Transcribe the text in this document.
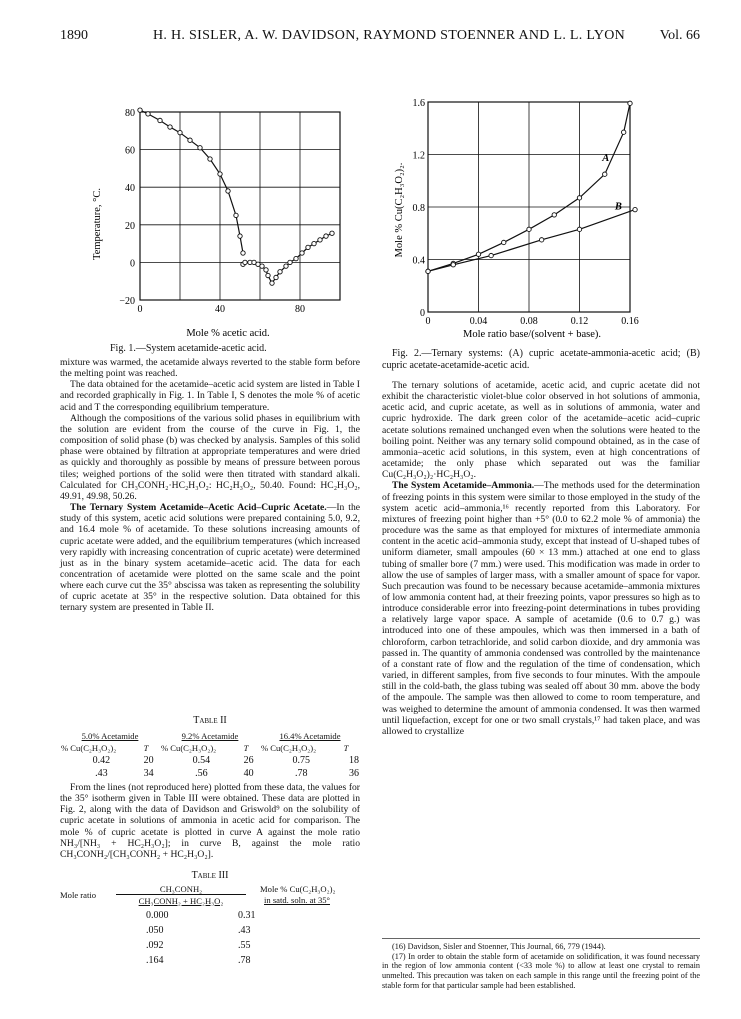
1890	H. H. SISLER, A. W. DAVIDSON, RAYMOND STOENNER AND L. L. LYON Vol. 66
80
60
40
20
0
−20
0	40	80
Temperature, °C.
Mole % acetic acid.
Fig. 1.—System acetamide-acetic acid.
1.6
1.2
0.8
0.4
0
0	0.04	0.08	0.12	0.16
A
B
Mole % Cu(C₂H₃O₂)₂.
Mole ratio base/(solvent + base).
Fig. 2.—Ternary systems: (A) cupric acetate-ammonia-acetic acid; (B) cupric acetate-acetamide-acetic acid.

mixture was warmed, the acetamide always reverted to the stable form before the melting point was reached.

The data obtained for the acetamide–acetic acid system are listed in Table I and recorded graphically in Fig. 1. In Table I, S denotes the mole % of acetic acid and T the corresponding equilibrium temperature.

Although the compositions of the various solid phases in equilibrium with the solution are evident from the course of the curve in Fig. 1, the composition of solid phase (b) was checked by analysis. Samples of this solid phase were obtained by filtration at appropriate temperatures and were dried as quickly and thoroughly as possible by means of pressure between porous tiles; weighed portions of the solid were then titrated with standard alkali. Calculated for CH₃CONH₂·HC₂H₃O₂: HC₂H₃O₂, 50.40. Found: HC₂H₃O₂, 49.91, 49.98, 50.26.

The Ternary System Acetamide–Acetic Acid–Cupric Acetate.—In the study of this system, acetic acid solutions were prepared containing 5.0, 9.2, and 16.4 mole % of acetamide. To these solutions increasing amounts of cupric acetate were added, and the equilibrium temperatures (which increased very rapidly with increasing concentration of cupric acetate) were determined just as in the binary system acetamide–acetic acid. The data for each concentration of acetamide were plotted on the same scale and the point where each curve cut the 35° abscissa was taken as representing the solubility of cupric acetate at 35° in the respective solution. Data obtained for this ternary system are presented in Table II.

Table II
5.0% Acetamide		9.2% Acetamide		16.4% Acetamide	
% Cu(C₂H₃O₂)₂	T	% Cu(C₂H₃O₂)₂	T	% Cu(C₂H₃O₂)₂	T
0.42	20	0.54	26	0.75	18
.43	34	.56	40	.78	36

From the lines (not reproduced here) plotted from these data, the values for the 35° isotherm given in Table III were obtained. These data are plotted in Fig. 2, along with the data of Davidson and Griswold⁹ on the solubility of cupric acetate in solutions of ammonia in acetic acid for comparison. The mole % of cupric acetate is plotted in curve A against the mole ratio NH₃/[NH₃ + HC₂H₃O₂]; in curve B, against the mole ratio CH₃CONH₂/[CH₃CONH₂ + HC₂H₃O₂].

Table III
Mole ratio
CH₃CONH₂
CH₃CONH₂ + HC₂H₃O₂
Mole % Cu(C₂H₃O₂)₂
in satd. soln. at 35°
0.000	0.31
.050	.43
.092	.55
.164	.78

The ternary solutions of acetamide, acetic acid, and cupric acetate did not exhibit the characteristic violet-blue color observed in hot solutions of ammonia, acetic acid, and cupric acetate, as well as in solutions of ammonia, water and cupric hydroxide. The dark green color of the acetamide–acetic acid–cupric acetate solutions remained unchanged even when the solutions were heated to the boiling point. Neither was any ternary solid compound obtained, as in the case of ammonia–acetic acid solutions, in this system, even at high concentrations of acetamide; the only phase which separated out was the familiar Cu(C₂H₃O₂)₂·HC₂H₃O₂.

The System Acetamide–Ammonia.—The methods used for the determination of freezing points in this system were similar to those employed in the study of the system acetic acid–ammonia,¹⁶ recently reported from this Laboratory. For mixtures of freezing point higher than +5° (0.0 to 62.2 mole % of ammonia) the procedure was the same as that employed for mixtures of intermediate ammonia content in the acetic acid–ammonia study, except that instead of U-shaped tubes of uniform diameter, small ampoules (60 × 13 mm.) attached at one end to glass tubing of smaller bore (7 mm.) were used. This modification was made in order to allow the use of samples of larger mass, with a smaller amount of space for vapor. Such precaution was found to be necessary because acetamide–ammonia mixtures of low ammonia content had, at their freezing points, vapor pressures so high as to introduce considerable error into freezing-point determinations in tubes providing a relatively large vapor space. A sample of acetamide (0.6 to 0.7 g.) was introduced into one of these ampoules, which was then immersed in a bath of chloroform, carbon tetrachloride, and solid carbon dioxide, and dry ammonia was passed in. The quantity of ammonia condensed was controlled by the maintenance of a constant rate of flow and the regulation of the time of condensation, which varied, in different samples, from five seconds to four minutes. With the ampoule still in the cold-bath, the glass tubing was sealed off about 30 mm. above the body of the ampoule. The sample was then allowed to come to room temperature, and was weighed to determine the amount of ammonia condensed. It was then warmed until liquefaction, except for one or two small crystals,¹⁷ had taken place, and was allowed to crystallize

(16) Davidson, Sisler and Stoenner, This Journal, 66, 779 (1944).

(17) In order to obtain the stable form of acetamide on solidification, it was found necessary in the region of low ammonia content (<33 mole %) to allow at least one crystal to remain unmelted. This precaution was taken on each sample in this range until the freezing point of the stable form for that particular sample had been established.
